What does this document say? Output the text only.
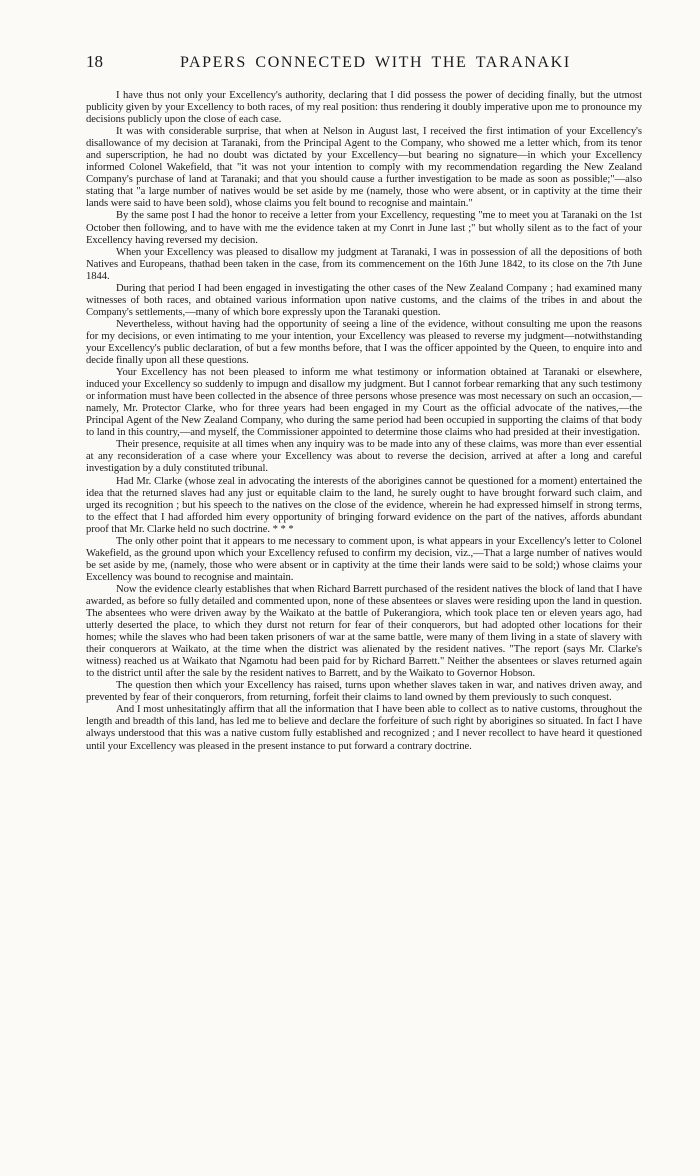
18	PAPERS CONNECTED WITH THE TARANAKI

I have thus not only your Excellency's authority, declaring that I did possess the power of deciding finally, but the utmost publicity given by your Excellency to both races, of my real position: thus rendering it doubly imperative upon me to pronounce my decisions publicly upon the close of each case.

It was with considerable surprise, that when at Nelson in August last, I received the first intimation of your Excellency's disallowance of my decision at Taranaki, from the Principal Agent to the Company, who showed me a letter which, from its tenor and superscription, he had no doubt was dictated by your Excellency—but bearing no signature—in which your Excellency informed Colonel Wakefield, that "it was not your intention to comply with my recommendation regarding the New Zealand Company's purchase of land at Taranaki; and that you should cause a further investigation to be made as soon as possible;"—also stating that "a large number of natives would be set aside by me (namely, those who were absent, or in captivity at the time their lands were said to have been sold), whose claims you felt bound to recognise and maintain."

By the same post I had the honor to receive a letter from your Excellency, requesting "me to meet you at Taranaki on the 1st October then following, and to have with me the evidence taken at my Conrt in June last ;" but wholly silent as to the fact of your Excellency having reversed my decision.

When your Excellency was pleased to disallow my judgment at Taranaki, I was in possession of all the depositions of both Natives and Europeans, thathad been taken in the case, from its commencement on the 16th June 1842, to its close on the 7th June 1844.

During that period I had been engaged in investigating the other cases of the New Zealand Company ; had examined many witnesses of both races, and obtained various information upon native customs, and the claims of the tribes in and about the Company's settlements,—many of which bore expressly upon the Taranaki question.

Nevertheless, without having had the opportunity of seeing a line of the evidence, without consulting me upon the reasons for my decisions, or even intimating to me your intention, your Excellency was pleased to reverse my judgment—notwithstanding your Excellency's public declaration, of but a few months before, that I was the officer appointed by the Queen, to enquire into and decide finally upon all these questions.

Your Excellency has not been pleased to inform me what testimony or information obtained at Taranaki or elsewhere, induced your Excellency so suddenly to impugn and disallow my judgment. But I cannot forbear remarking that any such testimony or information must have been collected in the absence of three persons whose presence was most necessary on such an occasion,—namely, Mr. Protector Clarke, who for three years had been engaged in my Court as the official advocate of the natives,—the Principal Agent of the New Zealand Company, who during the same period had been occupied in supporting the claims of that body to land in this country,—and myself, the Commissioner appointed to determine those claims who had presided at their investigation.

Their presence, requisite at all times when any inquiry was to be made into any of these claims, was more than ever essential at any reconsideration of a case where your Excellency was about to reverse the decision, arrived at after a long and careful investigation by a duly constituted tribunal.

Had Mr. Clarke (whose zeal in advocating the interests of the aborigines cannot be questioned for a moment) entertained the idea that the returned slaves had any just or equitable claim to the land, he surely ought to have brought forward such claim, and urged its recognition ; but his speech to the natives on the close of the evidence, wherein he had expressed himself in strong terms, to the effect that I had afforded him every opportunity of bringing forward evidence on the part of the natives, affords abundant proof that Mr. Clarke held no such doctrine. * * *

The only other point that it appears to me necessary to comment upon, is what appears in your Excellency's letter to Colonel Wakefield, as the ground upon which your Excellency refused to confirm my decision, viz.,—That a large number of natives would be set aside by me, (namely, those who were absent or in captivity at the time their lands were said to be sold;) whose claims your Excellency was bound to recognise and maintain.

Now the evidence clearly establishes that when Richard Barrett purchased of the resident natives the block of land that I have awarded, as before so fully detailed and commented upon, none of these absentees or slaves were residing upon the land in question. The absentees who were driven away by the Waikato at the battle of Pukerangiora, which took place ten or eleven years ago, had utterly deserted the place, to which they durst not return for fear of their conquerors, but had adopted other locations for their homes; while the slaves who had been taken prisoners of war at the same battle, were many of them living in a state of slavery with their conquerors at Waikato, at the time when the district was alienated by the resident natives. "The report (says Mr. Clarke's witness) reached us at Waikato that Ngamotu had been paid for by Richard Barrett." Neither the absentees or slaves returned again to the district until after the sale by the resident natives to Barrett, and by the Waikato to Governor Hobson.

The question then which your Excellency has raised, turns upon whether slaves taken in war, and natives driven away, and prevented by fear of their conquerors, from returning, forfeit their claims to land owned by them previously to such conquest.

And I most unhesitatingly affirm that all the information that I have been able to collect as to native customs, throughout the length and breadth of this land, has led me to believe and declare the forfeiture of such right by aborigines so situated. In fact I have always understood that this was a native custom fully established and recognized ; and I never recollect to have heard it questioned until your Excellency was pleased in the present instance to put forward a contrary doctrine.
